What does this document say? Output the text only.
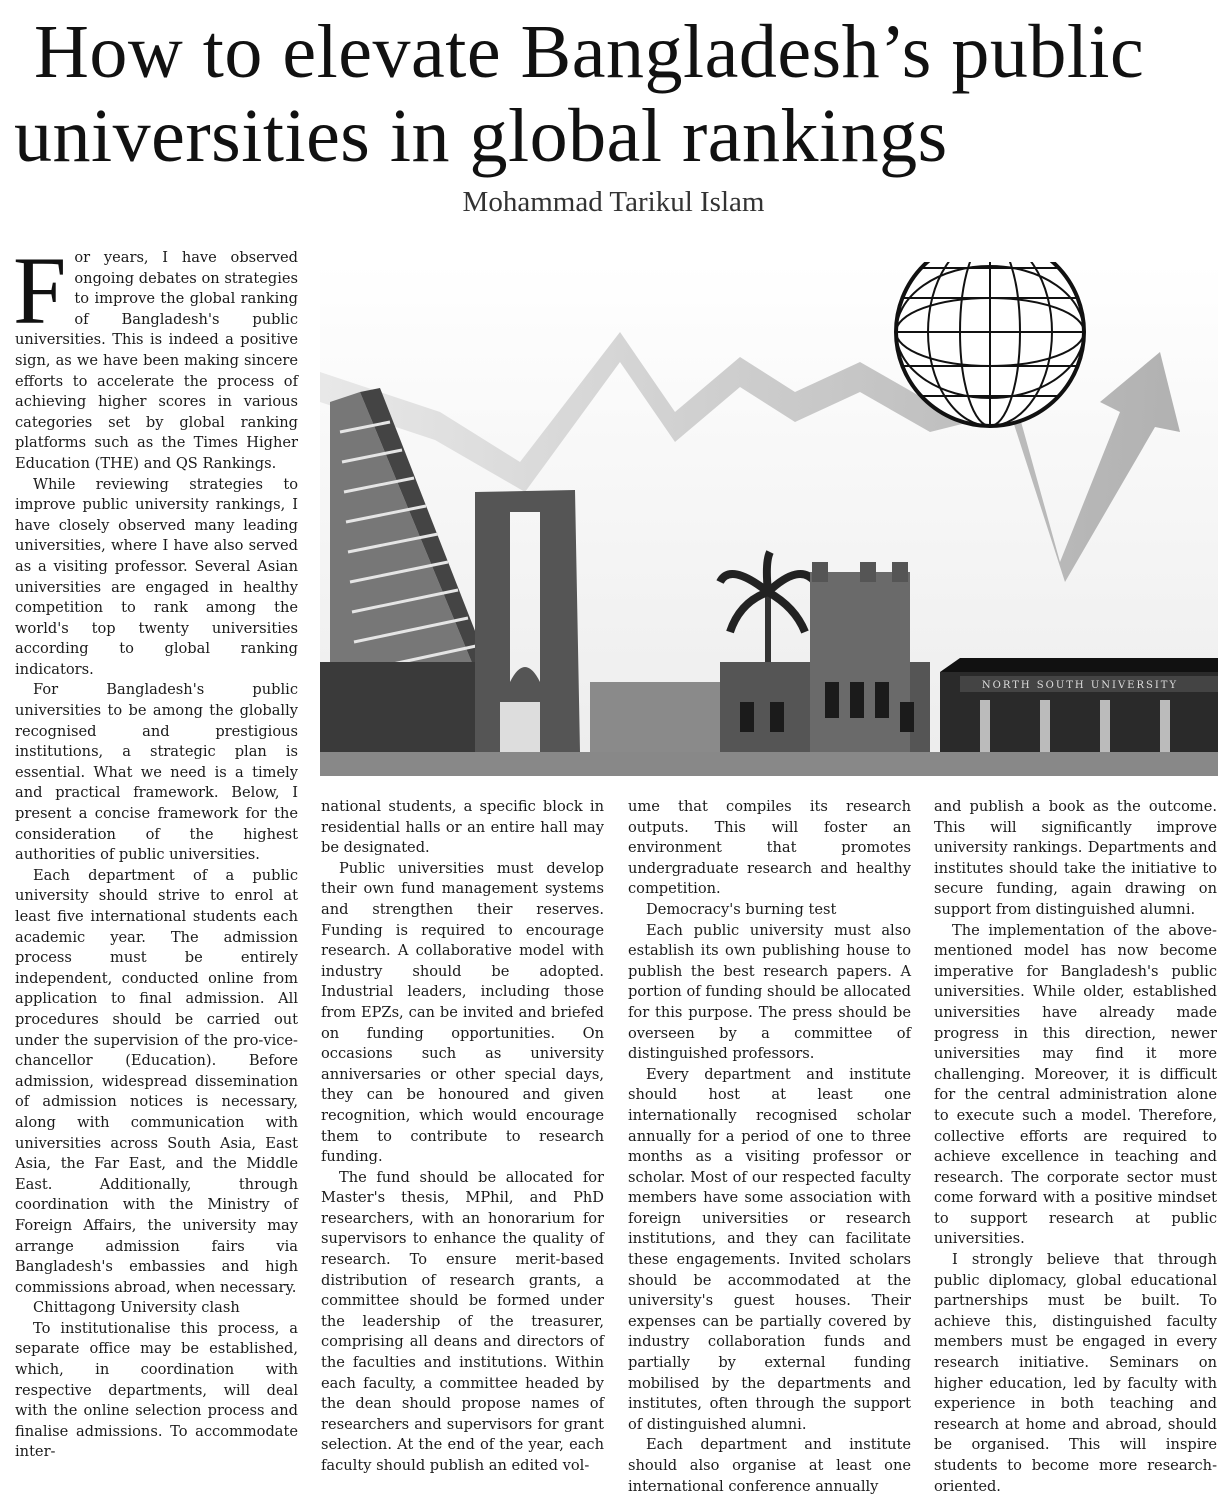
How to elevate Bangladesh’s public
universities in global rankings
Mohammad Tarikul Islam
NORTH SOUTH UNIVERSITY

For years, I have observed ongoing debates on strategies to improve the global ranking of Bangladesh's public universities. This is indeed a positive sign, as we have been making sincere efforts to accelerate the process of achieving higher scores in various categories set by global ranking platforms such as the Times Higher Education (THE) and QS Rankings.

While reviewing strategies to improve public university rankings, I have closely observed many leading universities, where I have also served as a visiting professor. Several Asian universities are engaged in healthy competition to rank among the world's top twenty universities according to global ranking indicators.

For Bangladesh's public universities to be among the globally recognised and prestigious institutions, a strategic plan is essential. What we need is a timely and practical framework. Below, I present a concise framework for the consideration of the highest authorities of public universities.

Each department of a public university should strive to enrol at least five international students each academic year. The admission process must be entirely independent, conducted online from application to final admission. All procedures should be carried out under the supervision of the pro-vice-chancellor (Education). Before admission, widespread dissemination of admission notices is necessary, along with communication with universities across South Asia, East Asia, the Far East, and the Middle East. Additionally, through coordination with the Ministry of Foreign Affairs, the university may arrange admission fairs via Bangladesh's embassies and high commissions abroad, when necessary.

Chittagong University clash

To institutionalise this process, a separate office may be established, which, in coordination with respective departments, will deal with the online selection process and finalise admissions. To accommodate inter-

national students, a specific block in residential halls or an entire hall may be designated.

Public universities must develop their own fund management systems and strengthen their reserves. Funding is required to encourage research. A collaborative model with industry should be adopted. Industrial leaders, including those from EPZs, can be invited and briefed on funding opportunities. On occasions such as university anniversaries or other special days, they can be honoured and given recognition, which would encourage them to contribute to research funding.

The fund should be allocated for Master's thesis, MPhil, and PhD researchers, with an honorarium for supervisors to enhance the quality of research. To ensure merit-based distribution of research grants, a committee should be formed under the leadership of the treasurer, comprising all deans and directors of the faculties and institutions. Within each faculty, a committee headed by the dean should propose names of researchers and supervisors for grant selection. At the end of the year, each faculty should publish an edited vol-

ume that compiles its research outputs. This will foster an environment that promotes undergraduate research and healthy competition.

Democracy's burning test

Each public university must also establish its own publishing house to publish the best research papers. A portion of funding should be allocated for this purpose. The press should be overseen by a committee of distinguished professors.

Every department and institute should host at least one internationally recognised scholar annually for a period of one to three months as a visiting professor or scholar. Most of our respected faculty members have some association with foreign universities or research institutions, and they can facilitate these engagements. Invited scholars should be accommodated at the university's guest houses. Their expenses can be partially covered by industry collaboration funds and partially by external funding mobilised by the departments and institutes, often through the support of distinguished alumni.

Each department and institute should also organise at least one international conference annually

and publish a book as the outcome. This will significantly improve university rankings. Departments and institutes should take the initiative to secure funding, again drawing on support from distinguished alumni.

The implementation of the above-mentioned model has now become imperative for Bangladesh's public universities. While older, established universities have already made progress in this direction, newer universities may find it more challenging. Moreover, it is difficult for the central administration alone to execute such a model. Therefore, collective efforts are required to achieve excellence in teaching and research. The corporate sector must come forward with a positive mindset to support research at public universities.

I strongly believe that through public diplomacy, global educational partnerships must be built. To achieve this, distinguished faculty members must be engaged in every research initiative. Seminars on higher education, led by faculty with experience in both teaching and research at home and abroad, should be organised. This will inspire students to become more research-oriented.
